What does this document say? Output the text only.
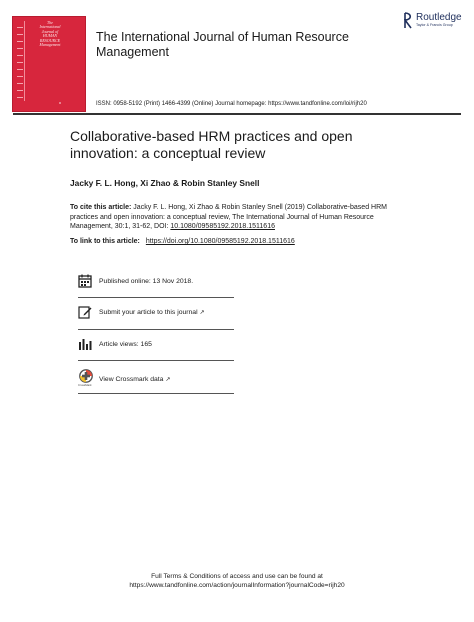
The
International
Journal of
HUMAN
RESOURCE
Management
R
The International Journal of Human Resource Management
Routledge
Taylor & Francis Group
ISSN: 0958-5192 (Print) 1466-4399 (Online) Journal homepage: https://www.tandfonline.com/loi/rijh20
Collaborative-based HRM practices and open innovation: a conceptual review
Jacky F. L. Hong, Xi Zhao & Robin Stanley Snell
To cite this article: Jacky F. L. Hong, Xi Zhao & Robin Stanley Snell (2019) Collaborative-based HRM practices and open innovation: a conceptual review, The International Journal of Human Resource Management, 30:1, 31-62, DOI: 10.1080/09585192.2018.1511616
To link to this article: https://doi.org/10.1080/09585192.2018.1511616
Published online: 13 Nov 2018.
Submit your article to this journal ↗
Article views: 165
CrossMark
View Crossmark data ↗
Full Terms & Conditions of access and use can be found at
https://www.tandfonline.com/action/journalInformation?journalCode=rijh20
